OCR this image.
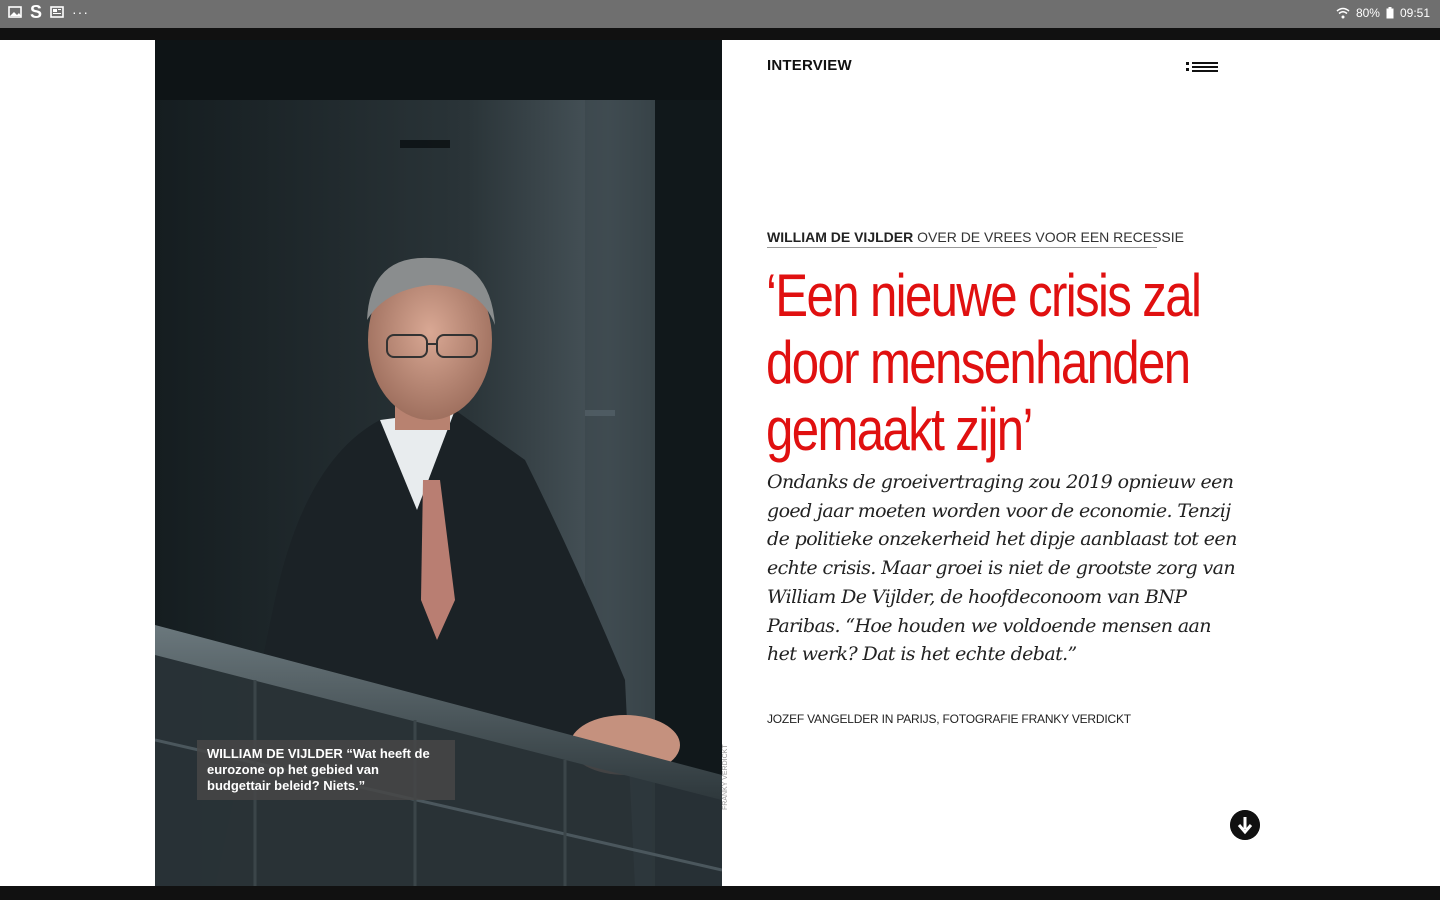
S ···	80% 09:51
WILLIAM DE VIJLDER “Wat heeft de eurozone op het gebied van budgettair beleid? Niets.”	FRANKY VERDICKT
INTERVIEW
WILLIAM DE VIJLDER OVER DE VREES VOOR EEN RECESSIE
‘Een nieuwe crisis zal door mensenhanden gemaakt zijn’

Ondanks de groeivertraging zou 2019 opnieuw een goed jaar moeten worden voor de economie. Tenzij de politieke onzekerheid het dipje aanblaast tot een echte crisis. Maar groei is niet de grootste zorg van William De Vijlder, de hoofdeconoom van BNP Paribas. “Hoe houden we voldoende mensen aan het werk? Dat is het echte debat.”

JOZEF VANGELDER IN PARIJS, FOTOGRAFIE FRANKY VERDICKT
